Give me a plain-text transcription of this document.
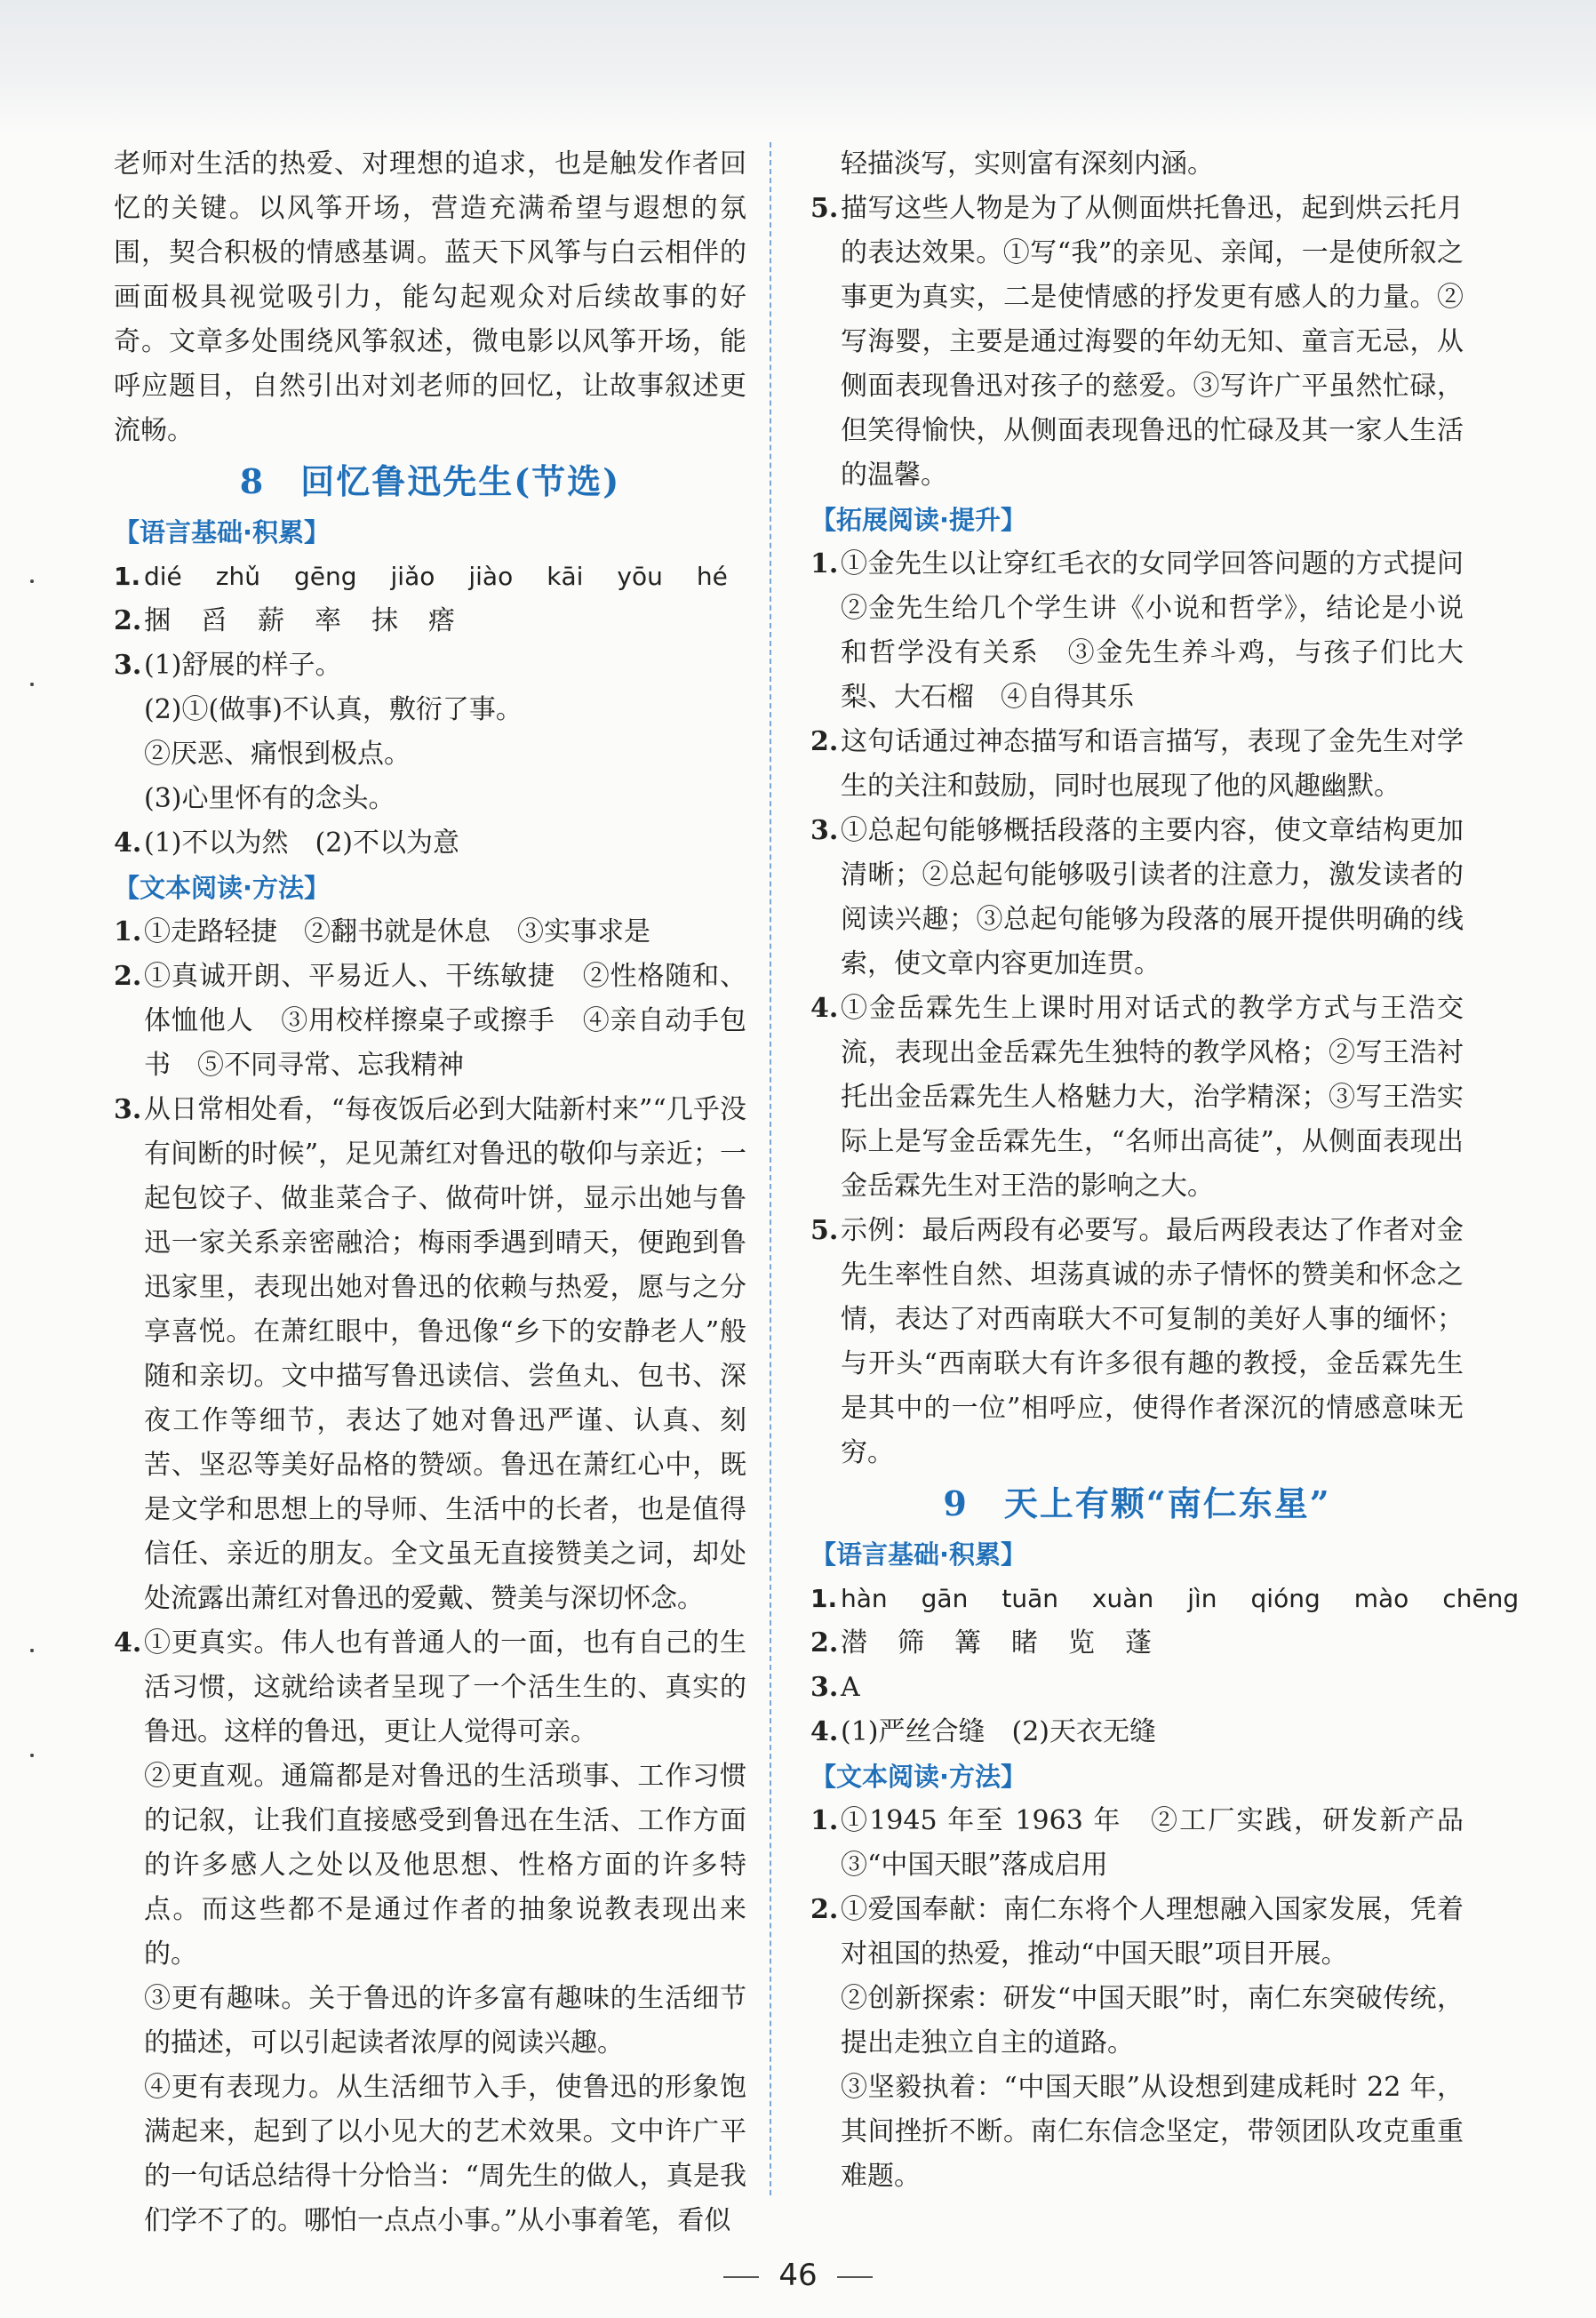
老师对生活的热爱、对理想的追求，也是触发作者回忆的关键。以风筝开场，营造充满希望与遐想的氛围，契合积极的情感基调。蓝天下风筝与白云相伴的画面极具视觉吸引力，能勾起观众对后续故事的好奇。文章多处围绕风筝叙述，微电影以风筝开场，能呼应题目，自然引出对刘老师的回忆，让故事叙述更流畅。

8 回忆鲁迅先生(节选)

【语言基础·积累】

1. dié zhǔ gēng jiǎo jiào kāi yōu hé
2. 捆 舀 薪 率 抹 瘩
3. (1)舒展的样子。

(2)①(做事)不认真，敷衍了事。

②厌恶、痛恨到极点。

(3)心里怀有的念头。

4. (1)不以为然　(2)不以为意

【文本阅读·方法】

1. ①走路轻捷　②翻书就是休息　③实事求是
2. ①真诚开朗、平易近人、干练敏捷　②性格随和、体恤他人　③用校样擦桌子或擦手　④亲自动手包书　⑤不同寻常、忘我精神
3. 从日常相处看，“每夜饭后必到大陆新村来”“几乎没有间断的时候”，足见萧红对鲁迅的敬仰与亲近；一起包饺子、做韭菜合子、做荷叶饼，显示出她与鲁迅一家关系亲密融洽；梅雨季遇到晴天，便跑到鲁迅家里，表现出她对鲁迅的依赖与热爱，愿与之分享喜悦。在萧红眼中，鲁迅像“乡下的安静老人”般随和亲切。文中描写鲁迅读信、尝鱼丸、包书、深夜工作等细节，表达了她对鲁迅严谨、认真、刻苦、坚忍等美好品格的赞颂。鲁迅在萧红心中，既是文学和思想上的导师、生活中的长者，也是值得信任、亲近的朋友。全文虽无直接赞美之词，却处处流露出萧红对鲁迅的爱戴、赞美与深切怀念。
4. ①更真实。伟人也有普通人的一面，也有自己的生活习惯，这就给读者呈现了一个活生生的、真实的鲁迅。这样的鲁迅，更让人觉得可亲。

②更直观。通篇都是对鲁迅的生活琐事、工作习惯的记叙，让我们直接感受到鲁迅在生活、工作方面的许多感人之处以及他思想、性格方面的许多特点。而这些都不是通过作者的抽象说教表现出来的。

③更有趣味。关于鲁迅的许多富有趣味的生活细节的描述，可以引起读者浓厚的阅读兴趣。

④更有表现力。从生活细节入手，使鲁迅的形象饱满起来，起到了以小见大的艺术效果。文中许广平的一句话总结得十分恰当：“周先生的做人，真是我们学不了的。哪怕一点点小事。”从小事着笔，看似

轻描淡写，实则富有深刻内涵。

5. 描写这些人物是为了从侧面烘托鲁迅，起到烘云托月的表达效果。①写“我”的亲见、亲闻，一是使所叙之事更为真实，二是使情感的抒发更有感人的力量。②写海婴，主要是通过海婴的年幼无知、童言无忌，从侧面表现鲁迅对孩子的慈爱。③写许广平虽然忙碌，但笑得愉快，从侧面表现鲁迅的忙碌及其一家人生活的温馨。

【拓展阅读·提升】

1. ①金先生以让穿红毛衣的女同学回答问题的方式提问　②金先生给几个学生讲《小说和哲学》，结论是小说和哲学没有关系　③金先生养斗鸡，与孩子们比大梨、大石榴　④自得其乐
2. 这句话通过神态描写和语言描写，表现了金先生对学生的关注和鼓励，同时也展现了他的风趣幽默。
3. ①总起句能够概括段落的主要内容，使文章结构更加清晰；②总起句能够吸引读者的注意力，激发读者的阅读兴趣；③总起句能够为段落的展开提供明确的线索，使文章内容更加连贯。
4. ①金岳霖先生上课时用对话式的教学方式与王浩交流，表现出金岳霖先生独特的教学风格；②写王浩衬托出金岳霖先生人格魅力大，治学精深；③写王浩实际上是写金岳霖先生，“名师出高徒”，从侧面表现出金岳霖先生对王浩的影响之大。
5. 示例：最后两段有必要写。最后两段表达了作者对金先生率性自然、坦荡真诚的赤子情怀的赞美和怀念之情，表达了对西南联大不可复制的美好人事的缅怀；与开头“西南联大有许多很有趣的教授，金岳霖先生是其中的一位”相呼应，使得作者深沉的情感意味无穷。

9 天上有颗“南仁东星”

【语言基础·积累】

1. hàn gān tuān xuàn jìn qióng mào chēng
2. 潜 筛 篝 睹 览 蓬
3. A
4. (1)严丝合缝　(2)天衣无缝

【文本阅读·方法】

1. ①1945 年至 1963 年　②工厂实践，研发新产品　③“中国天眼”落成启用
2. ①爱国奉献：南仁东将个人理想融入国家发展，凭着对祖国的热爱，推动“中国天眼”项目开展。

②创新探索：研发“中国天眼”时，南仁东突破传统，提出走独立自主的道路。

③坚毅执着：“中国天眼”从设想到建成耗时 22 年，其间挫折不断。南仁东信念坚定，带领团队攻克重重难题。

46
